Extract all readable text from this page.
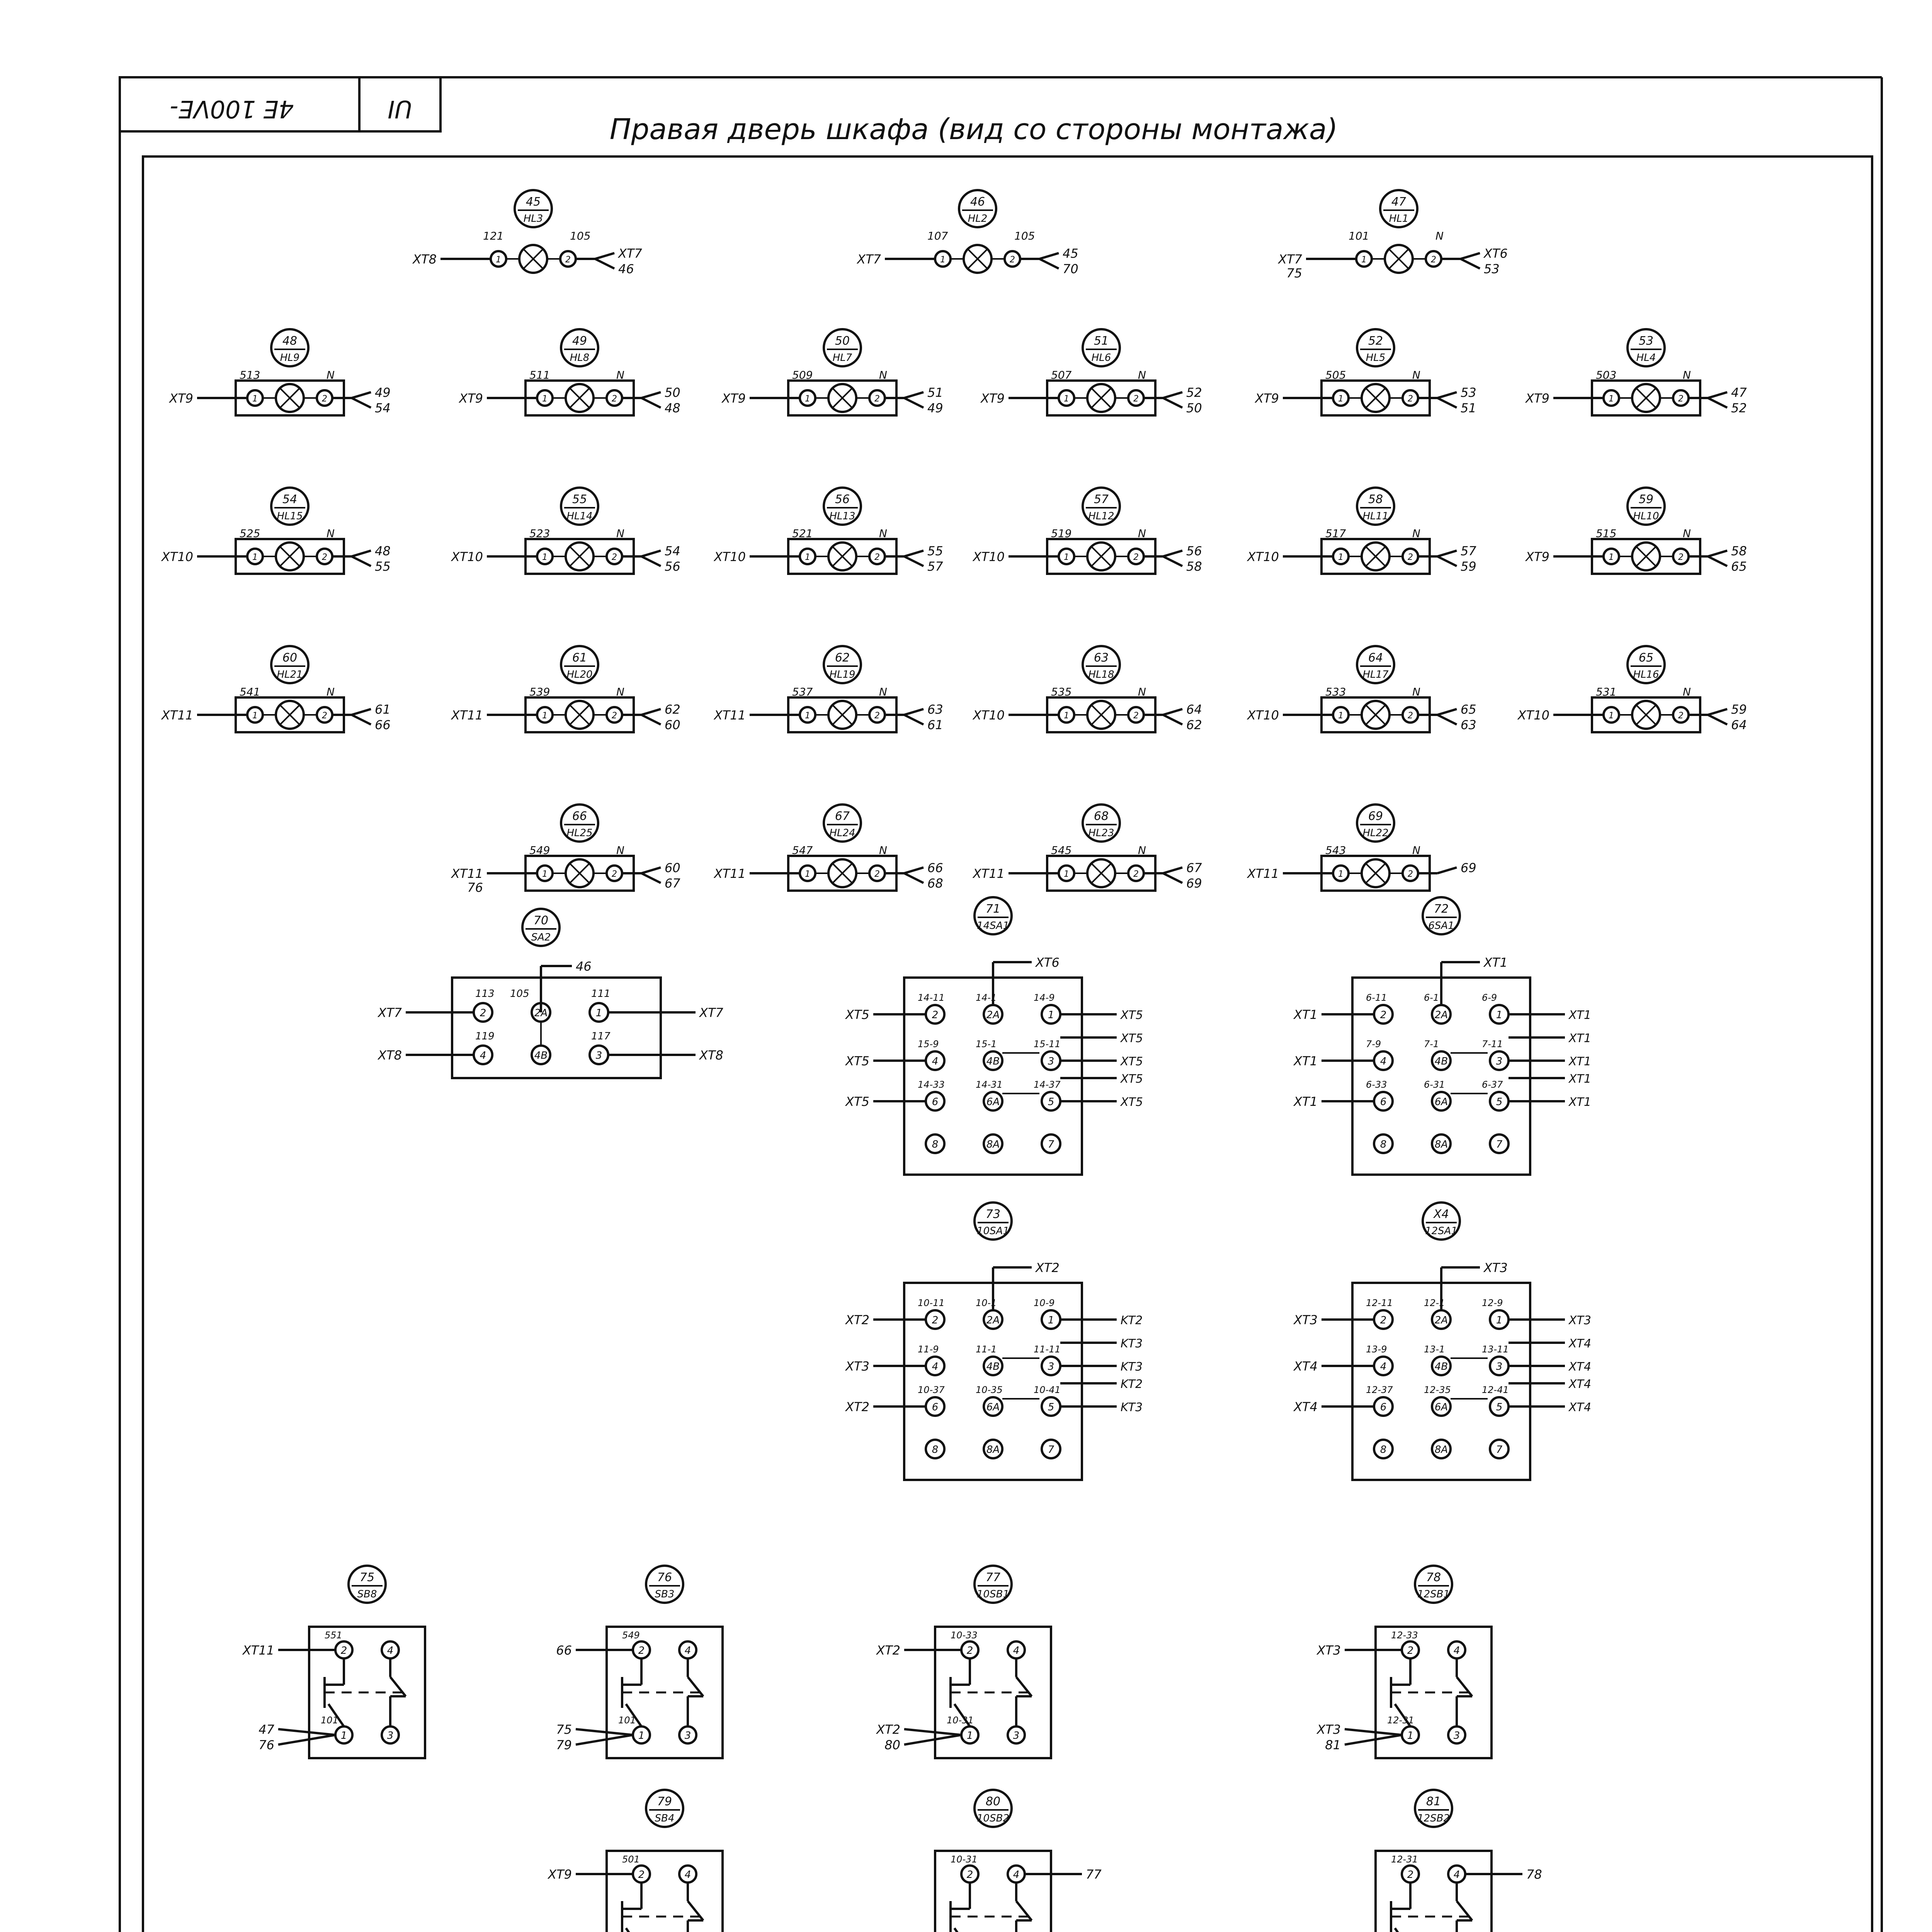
4E 100VE-	UI
Правая дверь шкафа (вид со стороны монтажа)
45
HL3
1	2
121	105
XT8	XT7
46
46
HL2
1	2
107	105
XT7	45
70
47
HL1
1	2
101	N
XT7
75
XT6
53
48
HL9
1	2
513	N
XT9	49
54
49
HL8
1	2
511	N
XT9	50
48
50
HL7
1	2
509	N
XT9	51
49
51
HL6
1	2
507	N
XT9	52
50
52
HL5
1	2
505	N
XT9	53
51
53
HL4
1	2
503	N
XT9	47
52
54
HL15
1	2
525	N
XT10	48
55
55
HL14
1	2
523	N
XT10	54
56
56
HL13
1	2
521	N
XT10	55
57
57
HL12
1	2
519	N
XT10	56
58
58
HL11
1	2
517	N
XT10	57
59
59
HL10
1	2
515	N
XT9	58
65
60
HL21
1	2
541	N
XT11	61
66
61
HL20
1	2
539	N
XT11	62
60
62
HL19
1	2
537	N
XT11	63
61
63
HL18
1	2
535	N
XT10	64
62
64
HL17
1	2
533	N
XT10	65
63
65
HL16
1	2
531	N
XT10	59
64
66
HL25
1	2
549	N
XT11
76
60
67
67
HL24
1	2
547	N
XT11	66
68
68
HL23
1	2
545	N
XT11	67
69
69
HL22
1	2
543	N
XT11	69
70
SA2
46
113 105	111
119	117
2	2A	1
4	4B	3
XT7
XT8
XT7
XT8
71
14SA1
XT6
14-11	14-1	14-9
15-9	15-1	15-11
14-33	14-31	14-37
2	2A	1
4	4B	3
6	6A	5
8	8A	7
XT5
XT5
XT5
XT5
XT5
XT5
XT5
XT5
72
6SA1
XT1
6-11	6-1	6-9
7-9	7-1	7-11
6-33	6-31	6-37
2	2A	1
4	4B	3
6	6A	5
8	8A	7
XT1
XT1
XT1
XT1
XT1
XT1
XT1
XT1
73
10SA1
XT2
10-11	10-1	10-9
11-9	11-1	11-11
10-37	10-35	10-41
2	2A	1
4	4B	3
6	6A	5
8	8A	7
XT2
XT3
XT2
KT2
KT3
KT3
KT2
KT3
X4
12SA1
XT3
12-11	12-1	12-9
13-9	13-1	13-11
12-37	12-35	12-41
2	2A	1
4	4B	3
6	6A	5
8	8A	7
XT3
XT4
XT4
XT3
XT4
XT4
XT4
XT4
75
SB8
2	4
1	3
551
101
XT11
47
76
76
SB3
2	4
1	3
549
101
66
75
79
77
10SB1
2	4
1	3
10-33
10-31
XT2
XT2
80
78
12SB1
2	4
1	3
12-33
12-31
XT3
XT3
81
79
SB4
2	4
501
XT9
80
10SB2
2	4
10-31
77
81
12SB2
2	4
12-31
78
